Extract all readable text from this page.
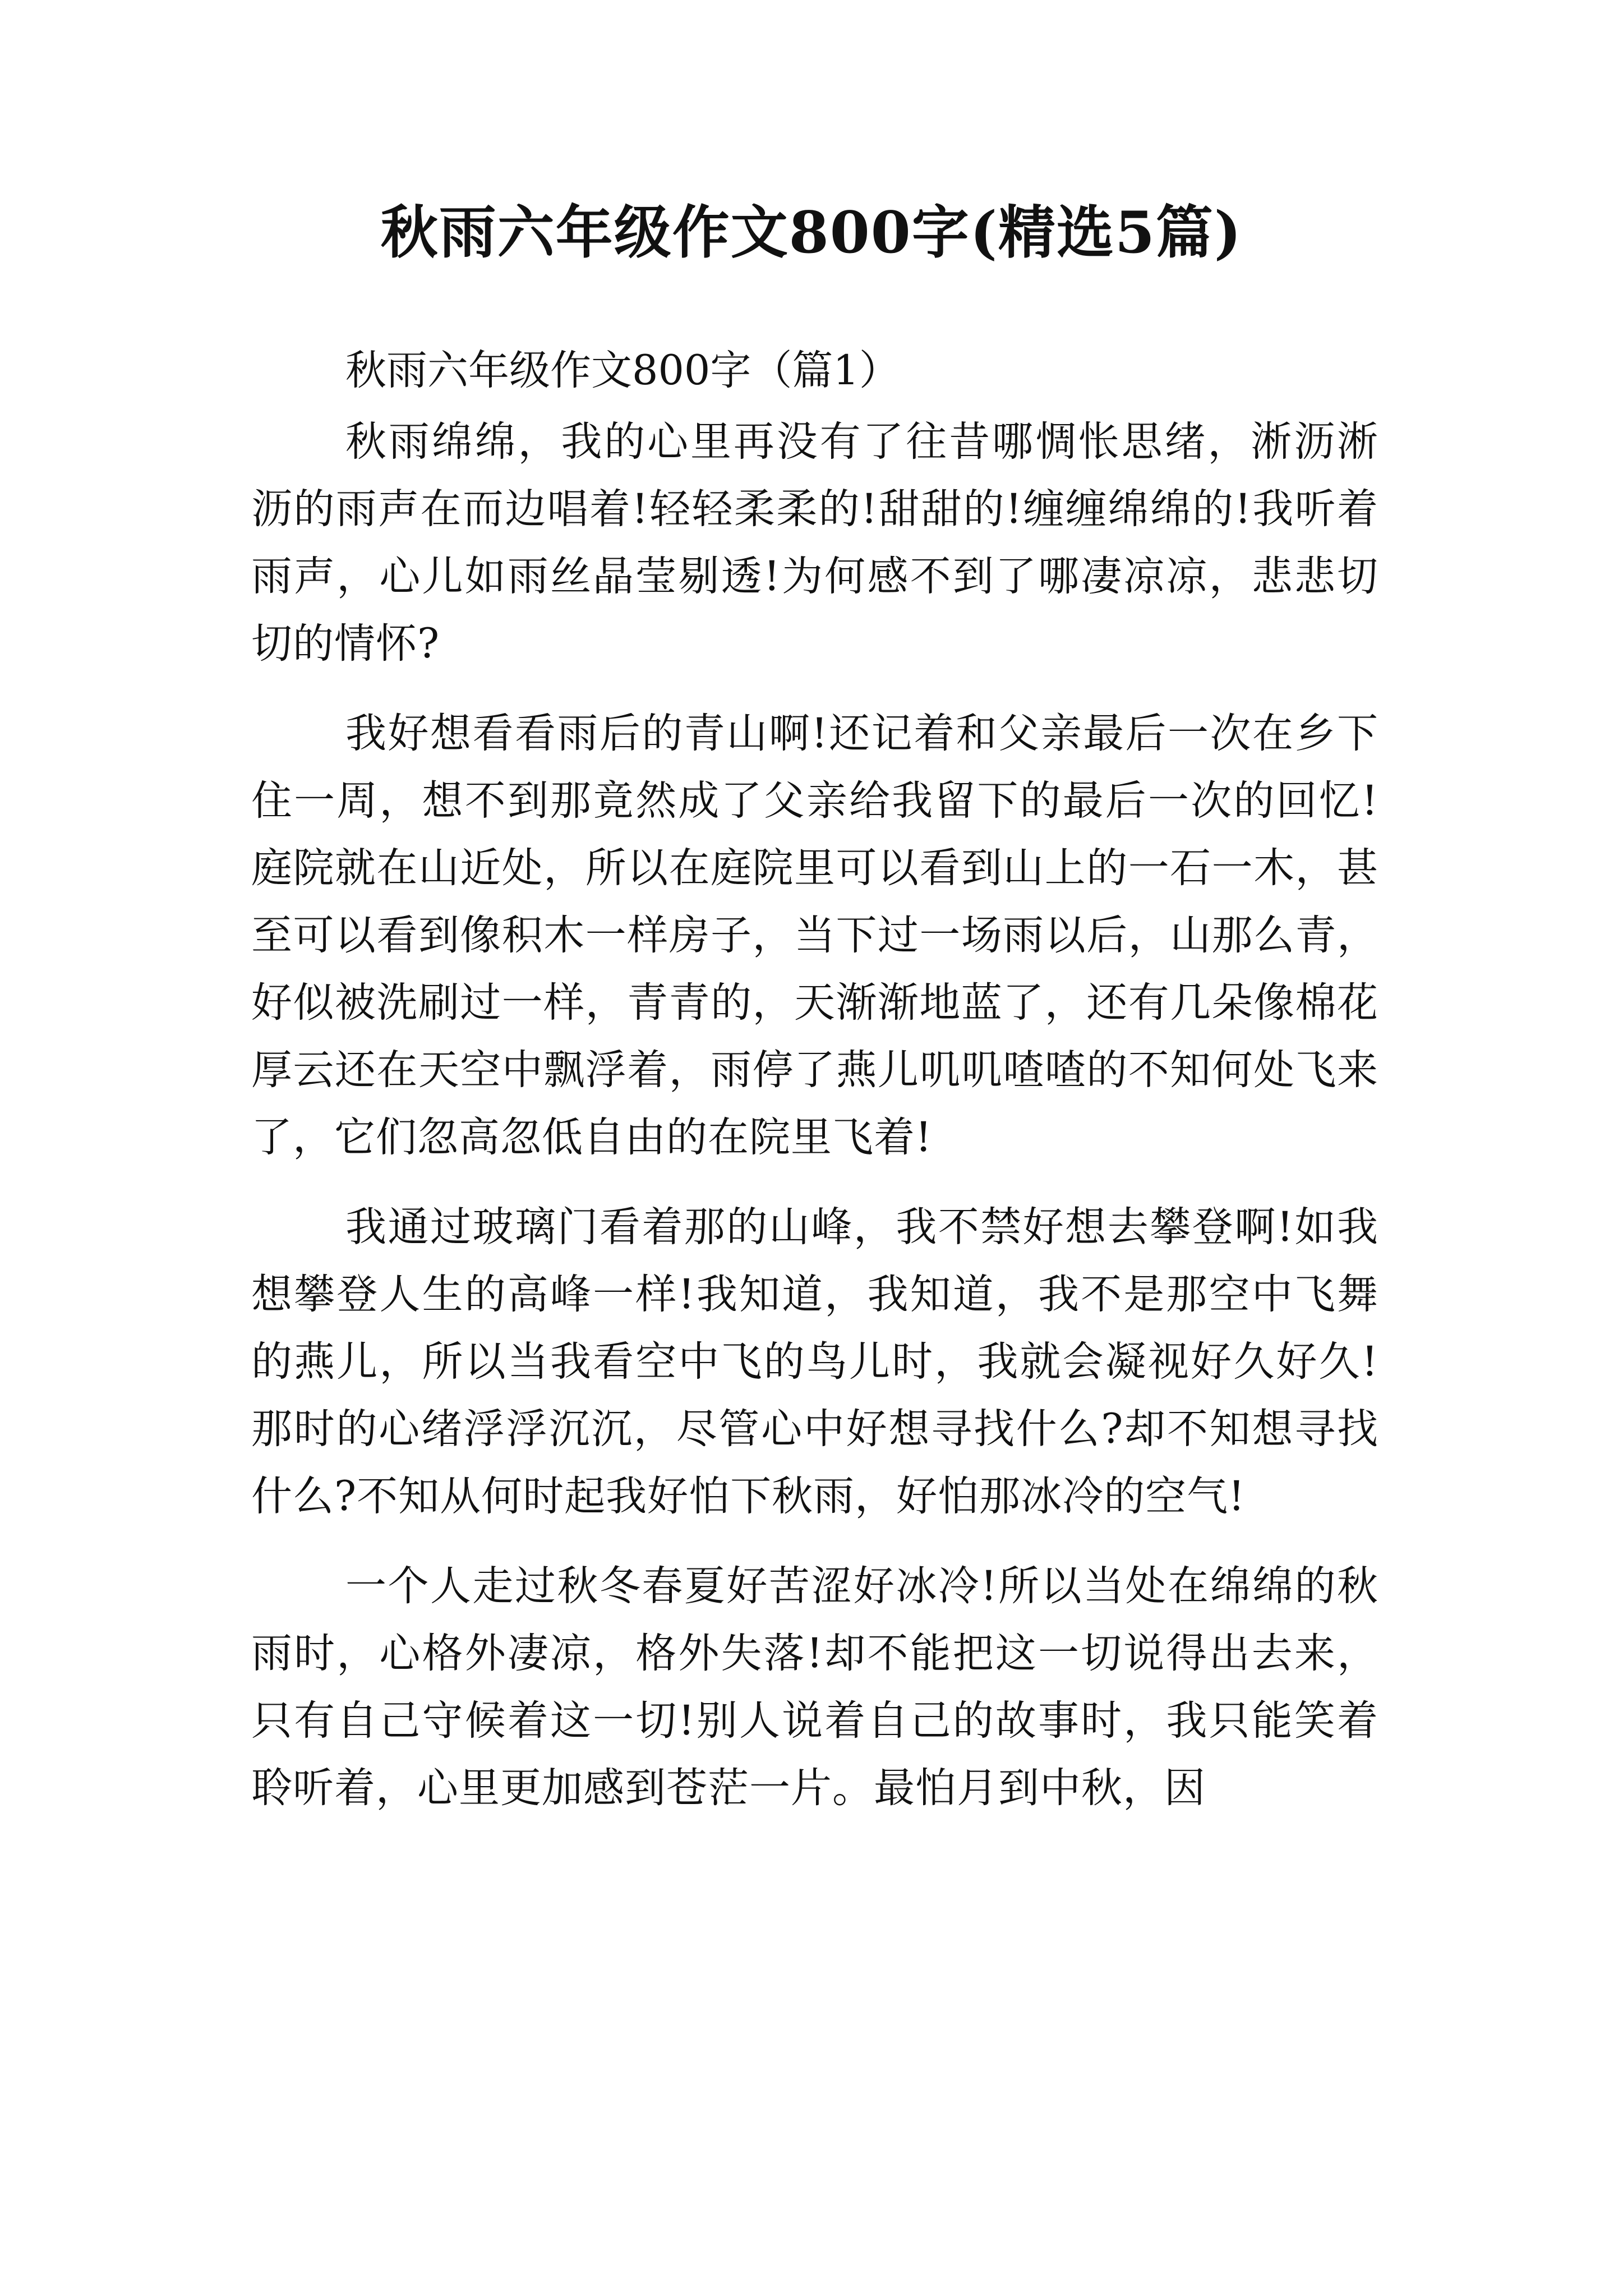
秋雨六年级作文800字(精选5篇)
秋雨六年级作文800字（篇1）

秋雨绵绵，我的心里再没有了往昔哪惆怅思绪，淅沥淅沥的雨声在而边唱着!轻轻柔柔的!甜甜的!缠缠绵绵的!我听着雨声，心儿如雨丝晶莹剔透!为何感不到了哪凄凉凉，悲悲切切的情怀?

我好想看看雨后的青山啊!还记着和父亲最后一次在乡下住一周，想不到那竟然成了父亲给我留下的最后一次的回忆!庭院就在山近处，所以在庭院里可以看到山上的一石一木，甚至可以看到像积木一样房子，当下过一场雨以后，山那么青，好似被洗刷过一样，青青的，天渐渐地蓝了，还有几朵像棉花厚云还在天空中飘浮着，雨停了燕儿叽叽喳喳的不知何处飞来了，它们忽高忽低自由的在院里飞着!

我通过玻璃门看着那的山峰，我不禁好想去攀登啊!如我想攀登人生的高峰一样!我知道，我知道，我不是那空中飞舞的燕儿，所以当我看空中飞的鸟儿时，我就会凝视好久好久!那时的心绪浮浮沉沉，尽管心中好想寻找什么?却不知想寻找什么?不知从何时起我好怕下秋雨，好怕那冰冷的空气!

一个人走过秋冬春夏好苦涩好冰冷!所以当处在绵绵的秋雨时，心格外凄凉，格外失落!却不能把这一切说得出去来，只有自己守候着这一切!别人说着自己的故事时，我只能笑着聆听着，心里更加感到苍茫一片。最怕月到中秋，因
